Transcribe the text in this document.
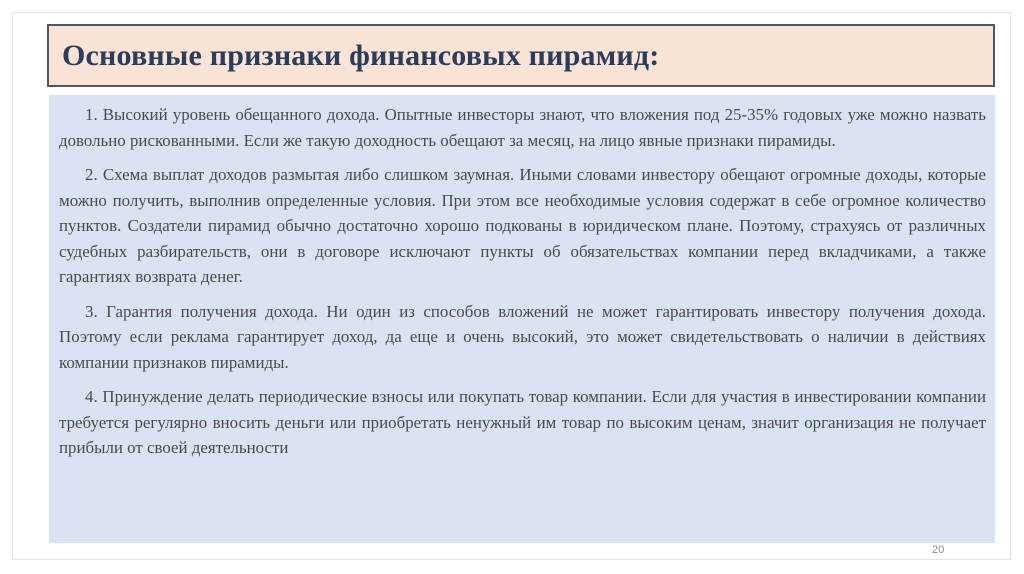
Основные признаки финансовых пирамид:

1. Высокий уровень обещанного дохода. Опытные инвесторы знают, что вложения под 25-35% годовых уже можно назвать довольно рискованными. Если же такую доходность обещают за месяц, на лицо явные признаки пирамиды.

2. Схема выплат доходов размытая либо слишком заумная. Иными словами инвестору обещают огромные доходы, которые можно получить, выполнив определенные условия. При этом все необходимые условия содержат в себе огромное количество пунктов. Создатели пирамид обычно достаточно хорошо подкованы в юридическом плане. Поэтому, страхуясь от различных судебных разбирательств, они в договоре исключают пункты об обязательствах компании перед вкладчиками, а также гарантиях возврата денег.

3. Гарантия получения дохода. Ни один из способов вложений не может гарантировать инвестору получения дохода. Поэтому если реклама гарантирует доход, да еще и очень высокий, это может свидетельствовать о наличии в действиях компании признаков пирамиды.

4. Принуждение делать периодические взносы или покупать товар компании. Если для участия в инвестировании компании требуется регулярно вносить деньги или приобретать ненужный им товар по высоким ценам, значит организация не получает прибыли от своей деятельности

20
